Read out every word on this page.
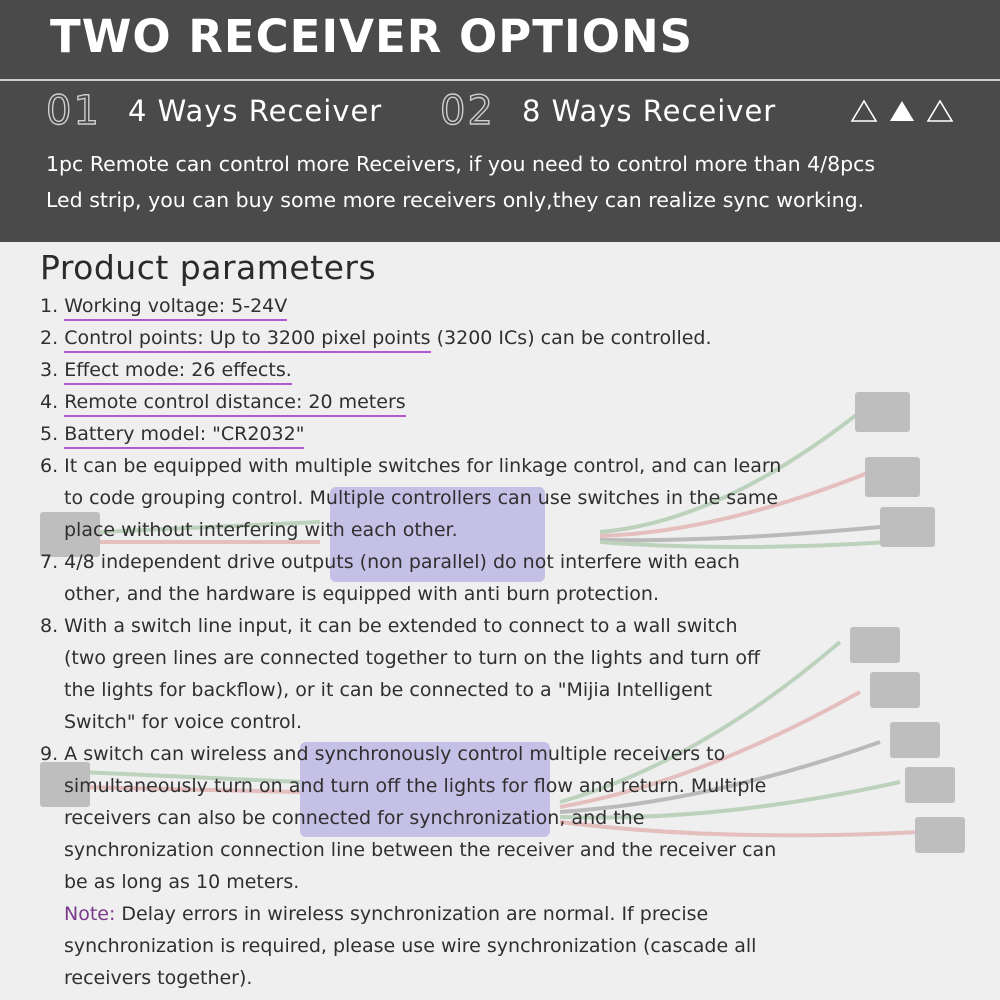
TWO RECEIVER OPTIONS
01 4 Ways Receiver 02 8 Ways Receiver
1pc Remote can control more Receivers, if you need to control more than 4/8pcs
Led strip, you can buy some more receivers only,they can realize sync working.
Product parameters
1. Working voltage: 5-24V
2. Control points: Up to 3200 pixel points (3200 ICs) can be controlled.
3. Effect mode: 26 effects.
4. Remote control distance: 20 meters
5. Battery model: "CR2032"
6. It can be equipped with multiple switches for linkage control, and can learn
to code grouping control. Multiple controllers can use switches in the same
place without interfering with each other.
7. 4/8 independent drive outputs (non parallel) do not interfere with each
other, and the hardware is equipped with anti burn protection.
8. With a switch line input, it can be extended to connect to a wall switch
(two green lines are connected together to turn on the lights and turn off
the lights for backflow), or it can be connected to a "Mijia Intelligent
Switch" for voice control.
9. A switch can wireless and synchronously control multiple receivers to
simultaneously turn on and turn off the lights for flow and return. Multiple
receivers can also be connected for synchronization, and the
synchronization connection line between the receiver and the receiver can
be as long as 10 meters.
Note: Delay errors in wireless synchronization are normal. If precise
synchronization is required, please use wire synchronization (cascade all
receivers together).
